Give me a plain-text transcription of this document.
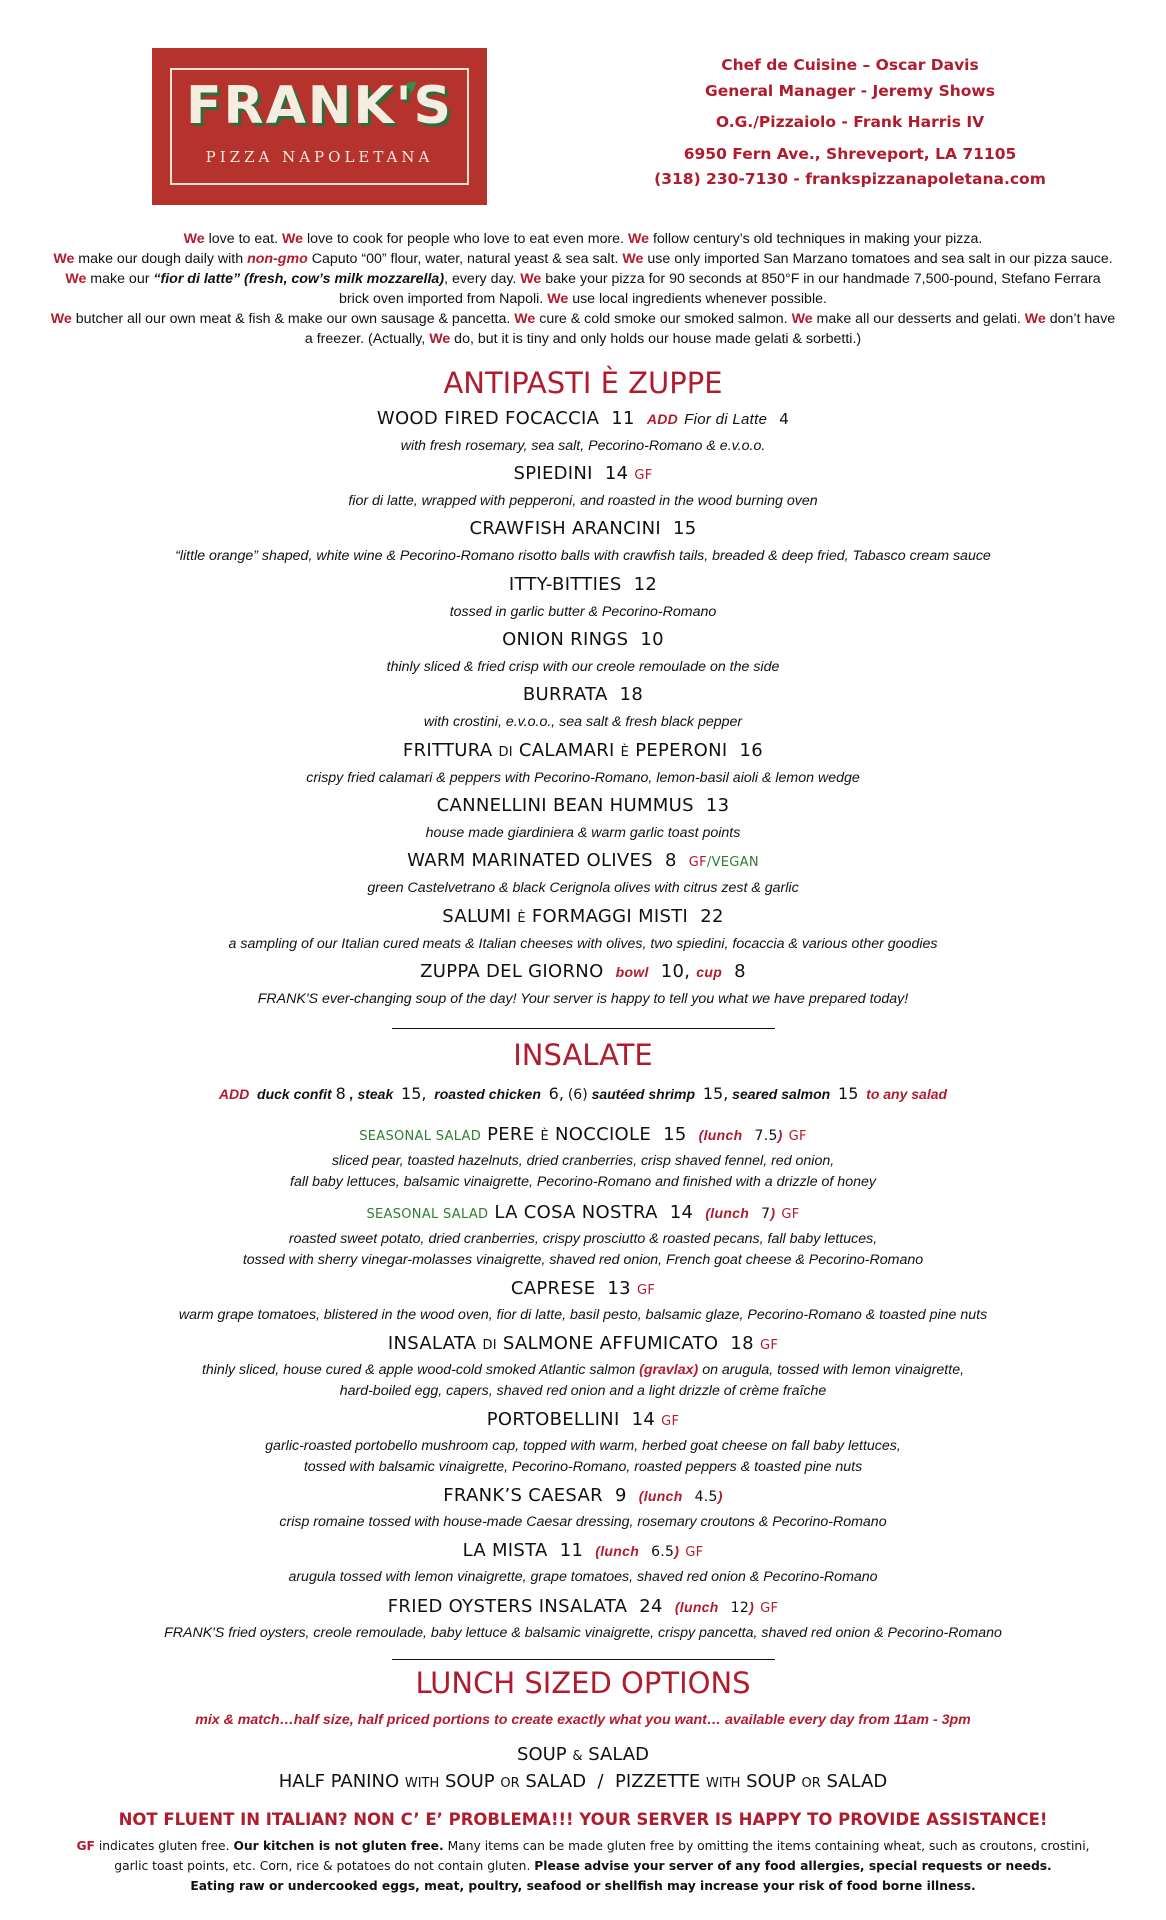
FRANK'S
PIZZA NAPOLETANA
Chef de Cuisine – Oscar Davis
General Manager - Jeremy Shows
O.G./Pizzaiolo - Frank Harris IV
6950 Fern Ave., Shreveport, LA 71105
(318) 230-7130 - frankspizzanapoletana.com
We love to eat. We love to cook for people who love to eat even more. We follow century’s old techniques in making your pizza.
We make our dough daily with non-gmo Caputo “00” flour, water, natural yeast & sea salt. We use only imported San Marzano tomatoes and sea salt in our pizza sauce. We make our “fior di latte” (fresh, cow’s milk mozzarella), every day. We bake your pizza for 90 seconds at 850°F in our handmade 7,500-pound, Stefano Ferrara brick oven imported from Napoli. We use local ingredients whenever possible.
We butcher all our own meat & fish & make our own sausage & pancetta. We cure & cold smoke our smoked salmon. We make all our desserts and gelati. We don’t have a freezer. (Actually, We do, but it is tiny and only holds our house made gelati & sorbetti.)
ANTIPASTI È ZUPPE
WOOD FIRED FOCACCIA 11 ADD Fior di Latte 4
with fresh rosemary, sea salt, Pecorino-Romano & e.v.o.o.
SPIEDINI 14 GF
fior di latte, wrapped with pepperoni, and roasted in the wood burning oven
CRAWFISH ARANCINI 15
“little orange” shaped, white wine & Pecorino-Romano risotto balls with crawfish tails, breaded & deep fried, Tabasco cream sauce
ITTY-BITTIES 12
tossed in garlic butter & Pecorino-Romano
ONION RINGS 10
thinly sliced & fried crisp with our creole remoulade on the side
BURRATA 18
with crostini, e.v.o.o., sea salt & fresh black pepper
FRITTURA DI CALAMARI È PEPERONI 16
crispy fried calamari & peppers with Pecorino-Romano, lemon-basil aioli & lemon wedge
CANNELLINI BEAN HUMMUS 13
house made giardiniera & warm garlic toast points
WARM MARINATED OLIVES 8 GF/VEGAN
green Castelvetrano & black Cerignola olives with citrus zest & garlic
SALUMI È FORMAGGI MISTI 22
a sampling of our Italian cured meats & Italian cheeses with olives, two spiedini, focaccia & various other goodies
ZUPPA DEL GIORNO bowl 10, cup 8
FRANK'S ever-changing soup of the day! Your server is happy to tell you what we have prepared today!
INSALATE
ADD duck confit 8 , steak 15, roasted chicken 6, (6) sautéed shrimp 15, seared salmon 15 to any salad
SEASONAL SALAD PERE È NOCCIOLE 15 (lunch 7.5) GF
sliced pear, toasted hazelnuts, dried cranberries, crisp shaved fennel, red onion,
fall baby lettuces, balsamic vinaigrette, Pecorino-Romano and finished with a drizzle of honey
SEASONAL SALAD LA COSA NOSTRA 14 (lunch 7) GF
roasted sweet potato, dried cranberries, crispy prosciutto & roasted pecans, fall baby lettuces,
tossed with sherry vinegar-molasses vinaigrette, shaved red onion, French goat cheese & Pecorino-Romano
CAPRESE 13 GF
warm grape tomatoes, blistered in the wood oven, fior di latte, basil pesto, balsamic glaze, Pecorino-Romano & toasted pine nuts
INSALATA DI SALMONE AFFUMICATO 18 GF
thinly sliced, house cured & apple wood-cold smoked Atlantic salmon (gravlax) on arugula, tossed with lemon vinaigrette,
hard-boiled egg, capers, shaved red onion and a light drizzle of crème fraîche
PORTOBELLINI 14 GF
garlic-roasted portobello mushroom cap, topped with warm, herbed goat cheese on fall baby lettuces,
tossed with balsamic vinaigrette, Pecorino-Romano, roasted peppers & toasted pine nuts
FRANK’S CAESAR 9 (lunch 4.5)
crisp romaine tossed with house-made Caesar dressing, rosemary croutons & Pecorino-Romano
LA MISTA 11 (lunch 6.5) GF
arugula tossed with lemon vinaigrette, grape tomatoes, shaved red onion & Pecorino-Romano
FRIED OYSTERS INSALATA 24 (lunch 12) GF
FRANK'S fried oysters, creole remoulade, baby lettuce & balsamic vinaigrette, crispy pancetta, shaved red onion & Pecorino-Romano
LUNCH SIZED OPTIONS
mix & match…half size, half priced portions to create exactly what you want… available every day from 11am - 3pm
SOUP & SALAD
HALF PANINO WITH SOUP OR SALAD / PIZZETTE WITH SOUP OR SALAD
NOT FLUENT IN ITALIAN? NON C’ E’ PROBLEMA!!! YOUR SERVER IS HAPPY TO PROVIDE ASSISTANCE!
GF indicates gluten free. Our kitchen is not gluten free. Many items can be made gluten free by omitting the items containing wheat, such as croutons, crostini, garlic toast points, etc. Corn, rice & potatoes do not contain gluten. Please advise your server of any food allergies, special requests or needs.
Eating raw or undercooked eggs, meat, poultry, seafood or shellfish may increase your risk of food borne illness.
